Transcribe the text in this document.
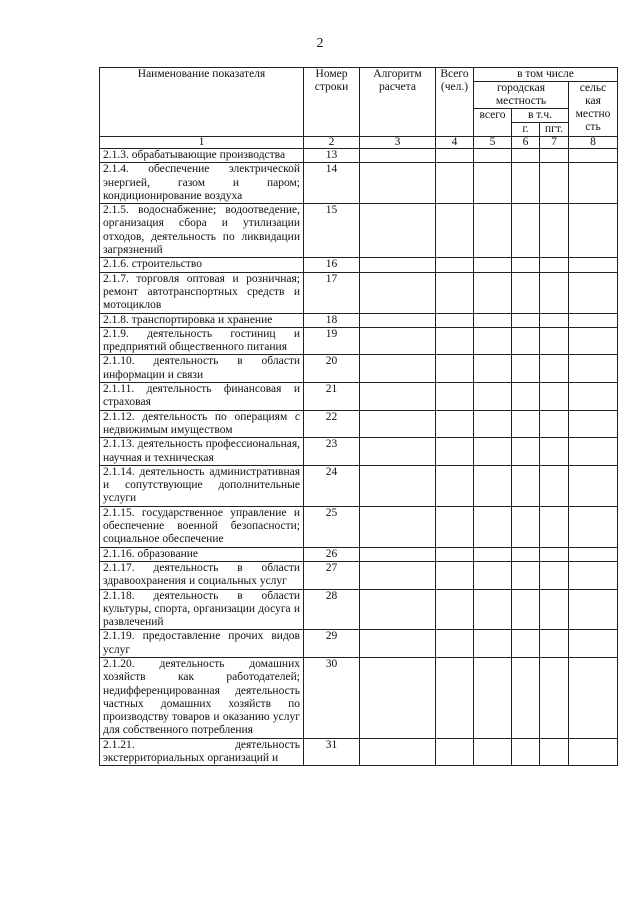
2
Наименование показателя	Номер строки	Алгоритм расчета	Всего (чел.)	в том числе			
				городская местность			сельс кая местно сть
				всего	в т.ч.		
					г.	пгт.	
1	2	3	4	5	6	7	8
2.1.3. обрабатывающие производства	13						
2.1.4. обеспечение электрической энергией, газом и паром; кондиционирование воздуха	14						
2.1.5. водоснабжение; водоотведение, организация сбора и утилизации отходов, деятельность по ликвидации загрязнений	15						
2.1.6. строительство	16						
2.1.7. торговля оптовая и розничная; ремонт автотранспортных средств и мотоциклов	17						
2.1.8. транспортировка и хранение	18						
2.1.9. деятельность гостиниц и предприятий общественного питания	19						
2.1.10. деятельность в области информации и связи	20						
2.1.11. деятельность финансовая и страховая	21						
2.1.12. деятельность по операциям с недвижимым имуществом	22						
2.1.13. деятельность профессиональная, научная и техническая	23						
2.1.14. деятельность административная и сопутствующие дополнительные услуги	24						
2.1.15. государственное управление и обеспечение военной безопасности; социальное обеспечение	25						
2.1.16. образование	26						
2.1.17. деятельность в области здравоохранения и социальных услуг	27						
2.1.18. деятельность в области культуры, спорта, организации досуга и развлечений	28						
2.1.19. предоставление прочих видов услуг	29						
2.1.20. деятельность домашних хозяйств как работодателей; недифференцированная деятельность частных домашних хозяйств по производству товаров и оказанию услуг для собственного потребления	30						
2.1.21. деятельность экстерриториальных организаций и	31						
